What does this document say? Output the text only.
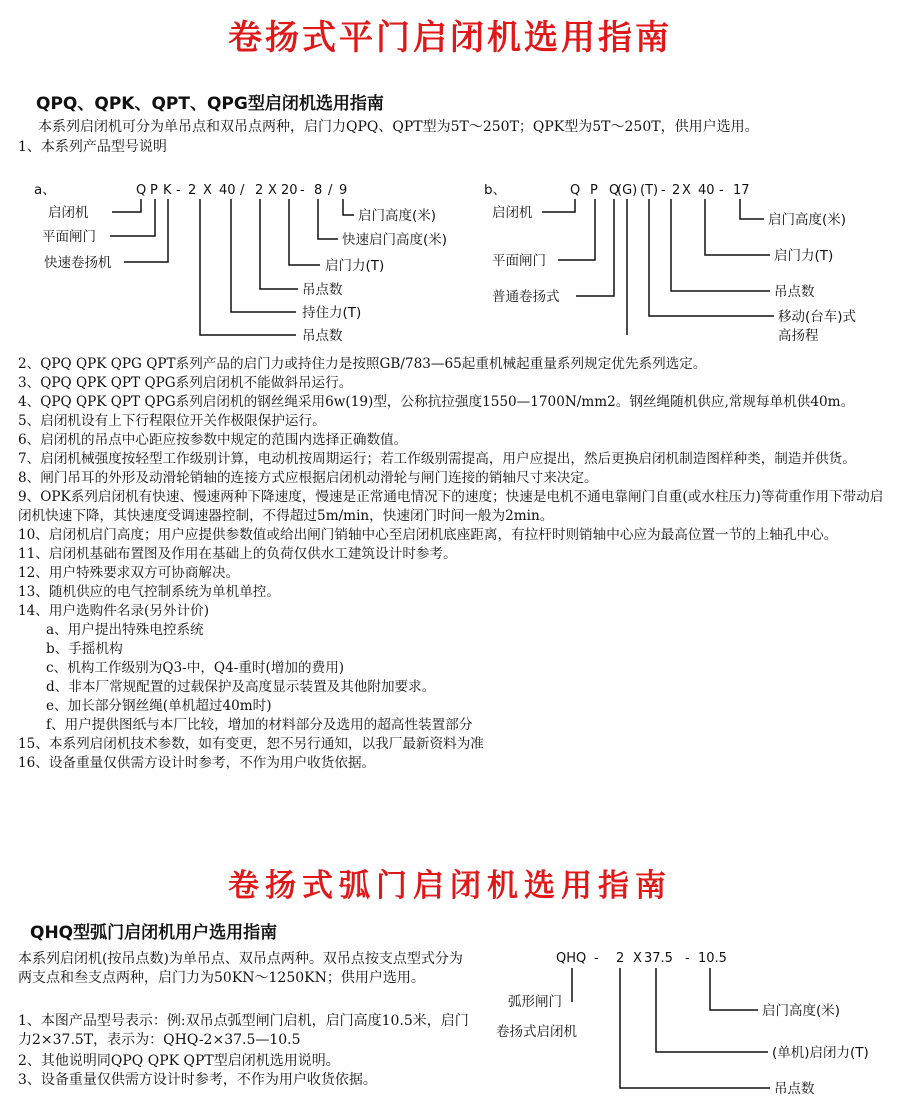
卷扬式平门启闭机选用指南
QPQ、QPK、QPT、QPG型启闭机选用指南
本系列启闭机可分为单吊点和双吊点两种，启门力QPQ、QPT型为5T～250T；QPK型为5T～250T，供用户选用。
1、本系列产品型号说明
Q P K - 2 X 40 / 2 X 20 - 8 / 9
a、
启闭机
平面闸门
快速卷扬机
启门高度(米)
快速启门高度(米)
启门力(T)
吊点数
持住力(T)
吊点数
Q P Q
(G) (T) - 2 X 40 - 17
b、
启闭机
平面闸门
普通卷扬式
启门高度(米)
启门力(T)
吊点数
移动(台车)式
高扬程
2、QPQ QPK QPG QPT系列产品的启门力或持住力是按照GB/783—65起重机械起重量系列规定优先系列选定。
3、QPQ QPK QPT QPG系列启闭机不能做斜吊运行。
4、QPQ QPK QPT QPG系列启闭机的钢丝绳采用6w(19)型，公称抗拉强度1550—1700N/mm2。钢丝绳随机供应,常规每单机供40m。
5、启闭机设有上下行程限位开关作极限保护运行。
6、启闭机的吊点中心距应按参数中规定的范围内选择正确数值。
7、启闭机械强度按轻型工作级别计算，电动机按周期运行；若工作级别需提高，用户应提出，然后更换启闭机制造图样种类，制造并供货。
8、闸门吊耳的外形及动滑轮销轴的连接方式应根据启闭机动滑轮与闸门连接的销轴尺寸来决定。
9、OPK系列启闭机有快速、慢速两种下降速度，慢速是正常通电情况下的速度；快速是电机不通电靠闸门自重(或水柱压力)等荷重作用下带动启闭机快速下降，其快速度受调速器控制，不得超过5m/min，快速闭门时间一般为2min。
10、启闭机启门高度；用户应提供参数值或给出闸门销轴中心至启闭机底座距离，有拉杆时则销轴中心应为最高位置一节的上轴孔中心。
11、启闭机基础布置图及作用在基础上的负荷仅供水工建筑设计时参考。
12、用户特殊要求双方可协商解决。
13、随机供应的电气控制系统为单机单控。
14、用户选购件名录(另外计价)
a、用户提出特殊电控系统
b、手摇机构
c、机构工作级别为Q3-中，Q4-重时(增加的费用)
d、非本厂常规配置的过载保护及高度显示装置及其他附加要求。
e、加长部分钢丝绳(单机超过40m时)
f、用户提供图纸与本厂比较，增加的材料部分及选用的超高性装置部分
15、本系列启闭机技术参数，如有变更，恕不另行通知，以我厂最新资料为准
16、设备重量仅供需方设计时参考，不作为用户收货依据。
卷扬式弧门启闭机选用指南
QHQ型弧门启闭机用户选用指南
本系列启闭机(按吊点数)为单吊点、双吊点两种。双吊点按支点型式分为两支点和叁支点两种，启门力为50KN～1250KN；供用户选用。
1、本图产品型号表示：例:双吊点弧型闸门启机，启门高度10.5米，启门力2×37.5T，表示为：QHQ-2×37.5—10.5
2、其他说明同QPQ QPK QPT型启闭机选用说明。
3、设备重量仅供需方设计时参考，不作为用户收货依据。
QHQ - 2 X 37.5 - 10.5
弧形闸门
卷扬式启闭机
启门高度(米)
(单机)启闭力(T)
吊点数
